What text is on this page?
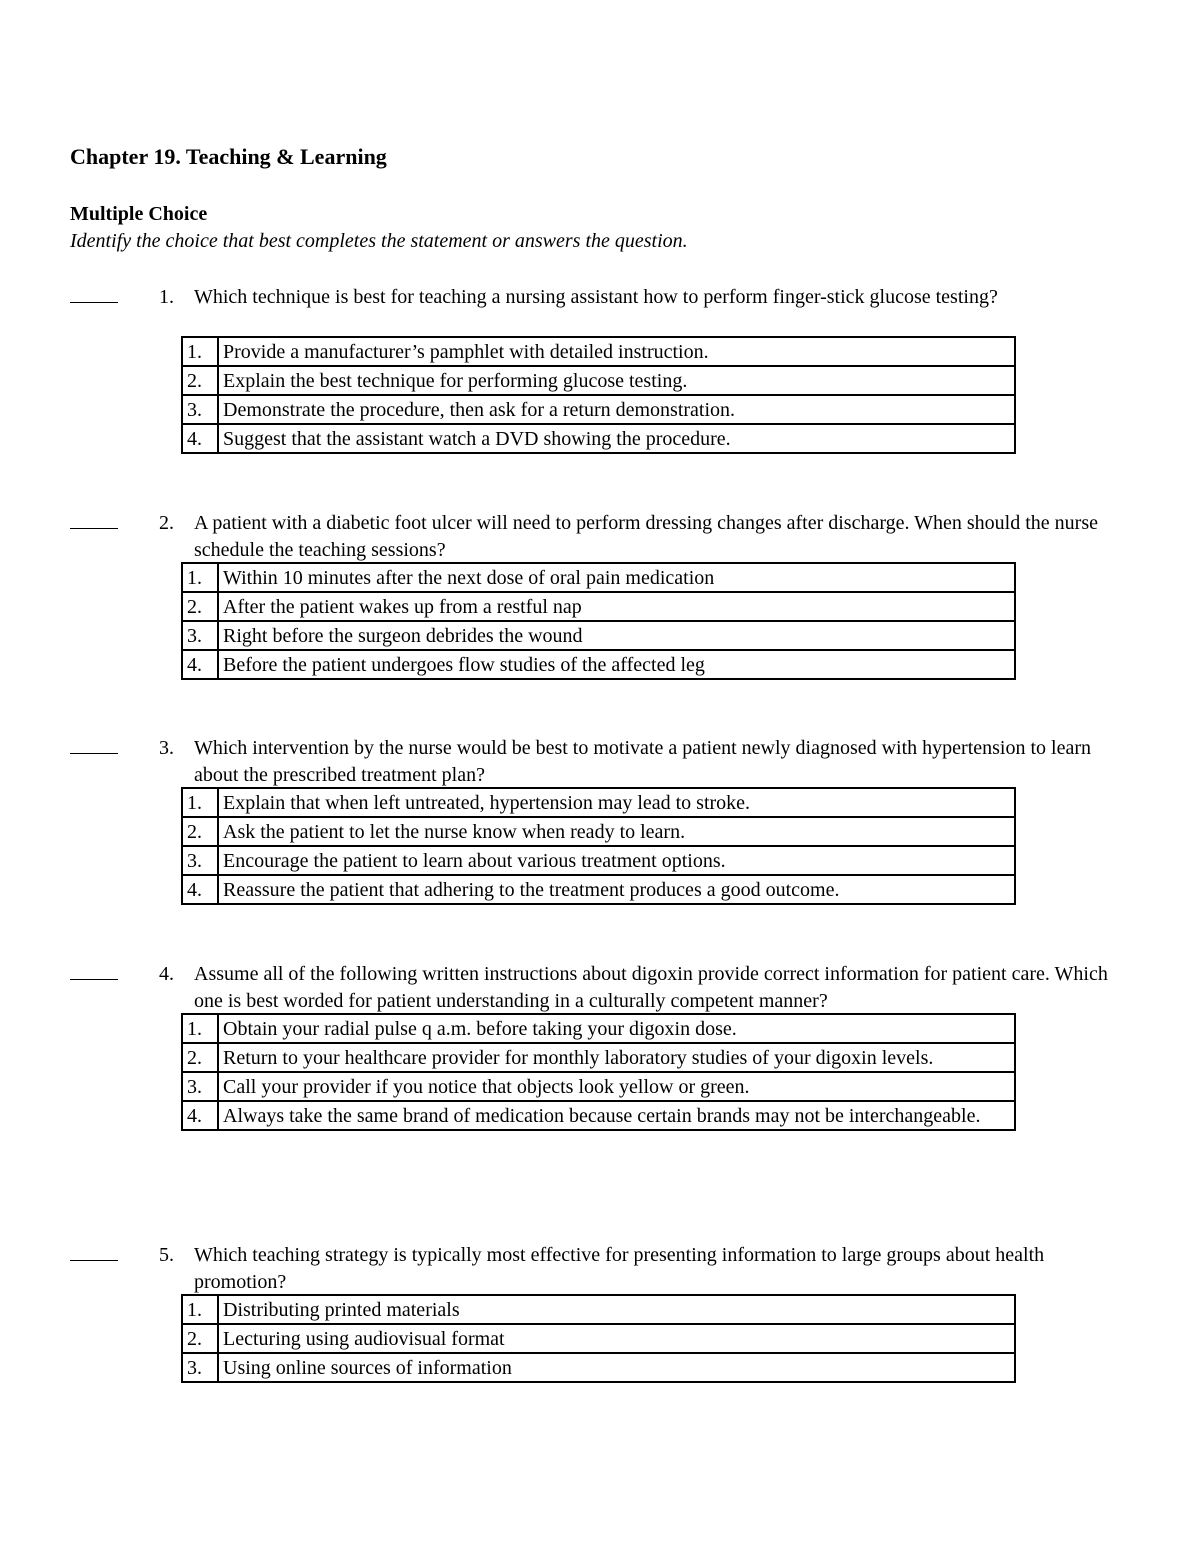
Chapter 19. Teaching & Learning
Multiple Choice
Identify the choice that best completes the statement or answers the question.
1. Which technique is best for teaching a nursing assistant how to perform finger-stick glucose testing?
1.	Provide a manufacturer’s pamphlet with detailed instruction.
2.	Explain the best technique for performing glucose testing.
3.	Demonstrate the procedure, then ask for a return demonstration.
4.	Suggest that the assistant watch a DVD showing the procedure.
2. A patient with a diabetic foot ulcer will need to perform dressing changes after discharge. When should the nurse schedule the teaching sessions?
1.	Within 10 minutes after the next dose of oral pain medication
2.	After the patient wakes up from a restful nap
3.	Right before the surgeon debrides the wound
4.	Before the patient undergoes flow studies of the affected leg
3. Which intervention by the nurse would be best to motivate a patient newly diagnosed with hypertension to learn about the prescribed treatment plan?
1.	Explain that when left untreated, hypertension may lead to stroke.
2.	Ask the patient to let the nurse know when ready to learn.
3.	Encourage the patient to learn about various treatment options.
4.	Reassure the patient that adhering to the treatment produces a good outcome.
4. Assume all of the following written instructions about digoxin provide correct information for patient care. Which one is best worded for patient understanding in a culturally competent manner?
1.	Obtain your radial pulse q a.m. before taking your digoxin dose.
2.	Return to your healthcare provider for monthly laboratory studies of your digoxin levels.
3.	Call your provider if you notice that objects look yellow or green.
4.	Always take the same brand of medication because certain brands may not be interchangeable.
5. Which teaching strategy is typically most effective for presenting information to large groups about health promotion?
1.	Distributing printed materials
2.	Lecturing using audiovisual format
3.	Using online sources of information
